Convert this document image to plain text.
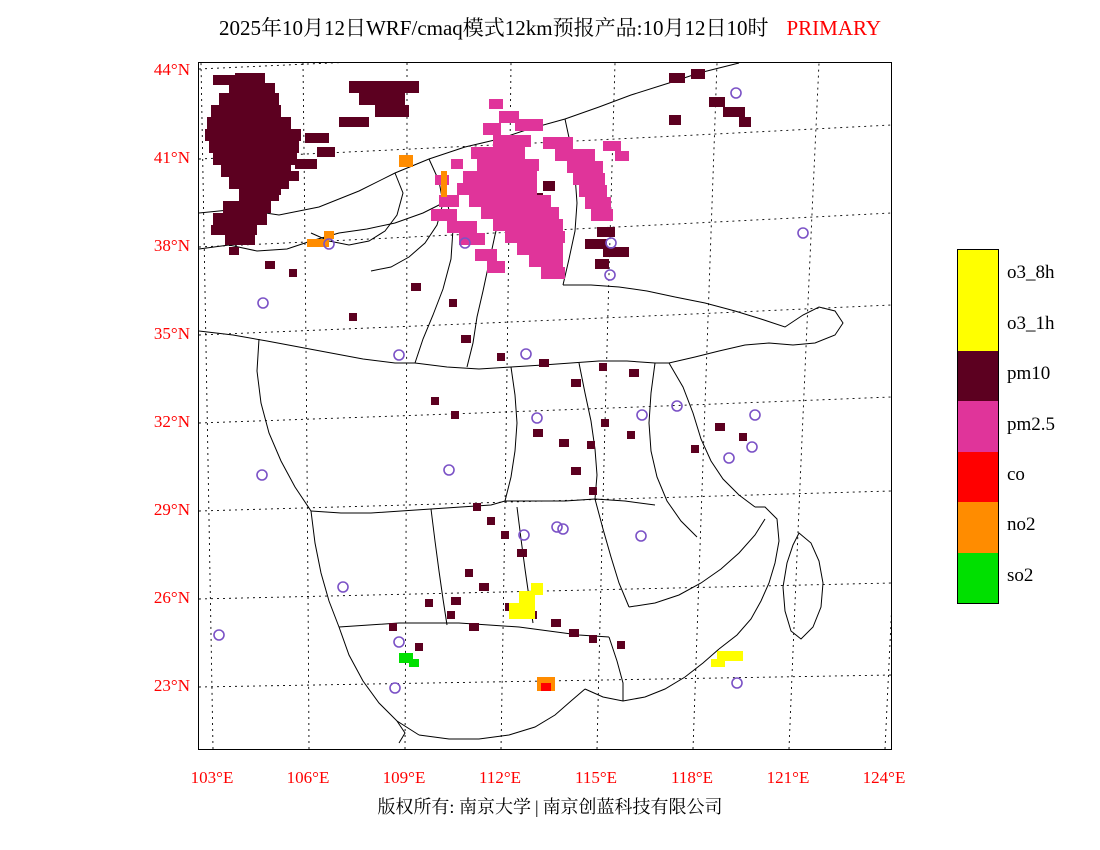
2025年10月12日WRF/cmaq模式12km预报产品:10月12日10时 PRIMARY
44°N
41°N
38°N
35°N
32°N
29°N
26°N
23°N
103°E	106°E	109°E	112°E	115°E	118°E	121°E	124°E
o3_8h
o3_1h
pm10
pm2.5
co
no2
so2
版权所有: 南京大学 | 南京创蓝科技有限公司
